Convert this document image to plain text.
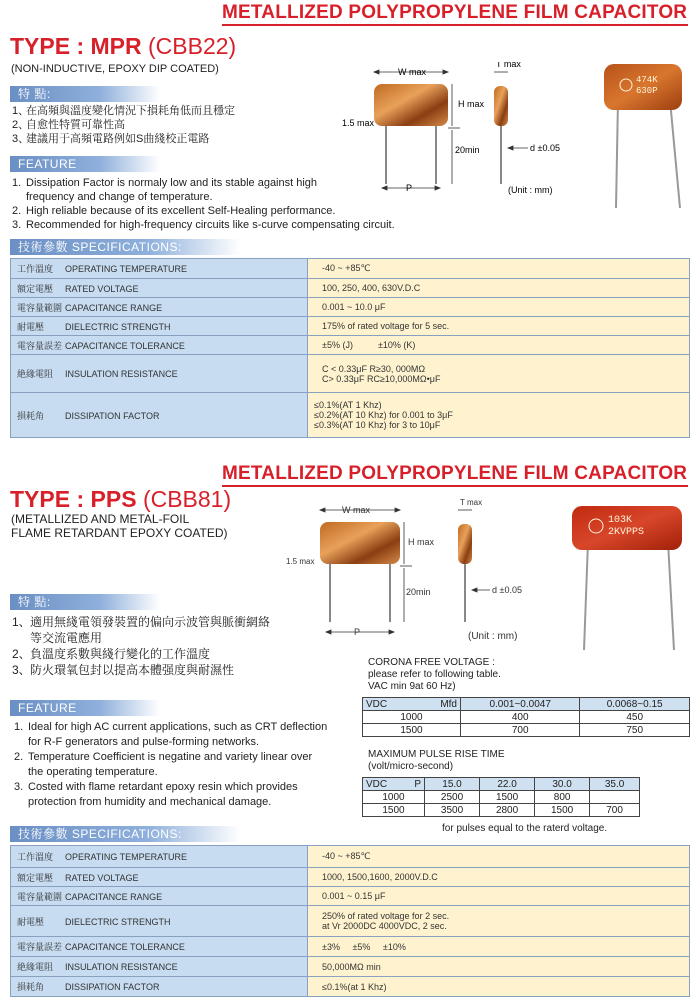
METALLIZED POLYPROPYLENE FILM CAPACITOR
TYPE : MPR (CBB22)
(NON-INDUCTIVE, EPOXY DIP COATED)
特 點:
1、
在高頻與溫度變化情況下損耗角低而且穩定
2、
自愈性特質可靠性高
3、
建議用于高頻電路例如S曲綫校正電路
FEATURE
1. Dissipation Factor is normaly low and its stable against high frequency and change of temperature.
2. High reliable because of its excellent Self-Healing performance.
3. Recommended for high-frequency circuits like s-curve compensating circuit.
W max
T max
H max
1.5 max
20min	d ±0.05
P	(Unit : mm)
474K
630P
技術參數 SPECIFICATIONS:
工作溫度 OPERATING TEMPERATURE	-40 ~ +85℃

額定電壓 RATED VOLTAGE	100, 250, 400, 630V.D.C

電容量範圍 CAPACITANCE RANGE	0.001 ~ 10.0 μF

耐電壓 DIELECTRIC STRENGTH	175% of rated voltage for 5 sec.

電容量誤差 CAPACITANCE TOLERANCE	±5% (J)          ±10% (K)

絶緣電阻 INSULATION RESISTANCE	C < 0.33μF R≥30, 000MΩ
C> 0.33μF RC≥10,000MΩ•μF

損耗角 DISSIPATION FACTOR	≤0.1%(AT 1 Khz)
≤0.2%(AT 10 Khz) for 0.001 to 3μF
≤0.3%(AT 10 Khz) for 3 to 10μF
METALLIZED POLYPROPYLENE FILM CAPACITOR
TYPE : PPS (CBB81)
(METALLIZED AND METAL-FOIL
FLAME RETARDANT EPOXY COATED)
W max
T max
H max
1.5 max
20min	d ±0.05
P	(Unit : mm)
103K
2KVPPS
特 點:
1、 適用無綫電領發裝置的偏向示波管與脈衝網絡等交流電應用
2、 負溫度系數與綫行變化的工作溫度
3、 防火環氧包封以提高本體强度與耐濕性
FEATURE
1. Ideal for high AC current applications, such as CRT deflection for R-F generators and pulse-forming networks.
2. Temperature Coefficient is negatine and variety linear over the operating temperature.
3. Costed with flame retardant epoxy resin which provides protection from humidity and mechanical damage.
CORONA FREE VOLTAGE :
please refer to following table.
VAC min 9at 60 Hz)
VDC Mfd	0.001~0.0047	0.0068~0.15
1000	400	450
1500	700	750
MAXIMUM PULSE RISE TIME
(volt/micro-second)
VDC P	15.0	22.0	30.0	35.0
1000	2500	1500	800	
1500	3500	2800	1500	700
for pulses equal to the raterd voltage.
技術參數 SPECIFICATIONS:
工作溫度 OPERATING TEMPERATURE	-40 ~ +85℃

額定電壓 RATED VOLTAGE	1000, 1500,1600, 2000V.D.C

電容量範圍 CAPACITANCE RANGE	0.001 ~ 0.15 μF

耐電壓 DIELECTRIC STRENGTH	250% of rated voltage for 2 sec.
at Vr 2000DC 4000VDC, 2 sec.

電容量誤差 CAPACITANCE TOLERANCE	±3%     ±5%     ±10%

絶緣電阻 INSULATION RESISTANCE	50,000MΩ min

損耗角 DISSIPATION FACTOR	≤0.1%(at 1 Khz)
